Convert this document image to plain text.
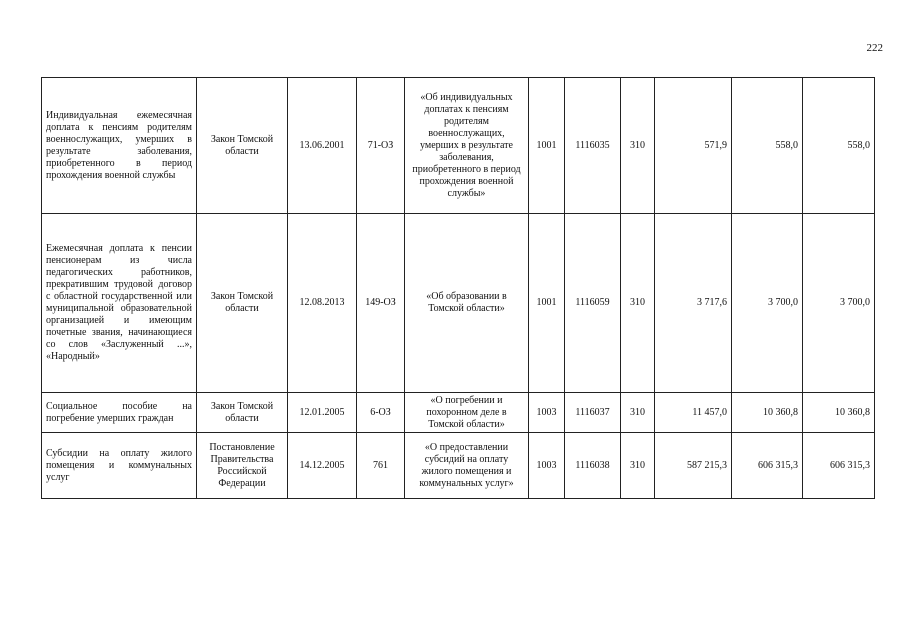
222
Индивидуальная ежемесячная доплата к пенсиям родителям военнослужащих, умерших в результате заболевания, приобретенного в период прохождения военной службы	Закон Томской области	13.06.2001	71-ОЗ	«Об индивидуальных доплатах к пенсиям родителям военнослужащих, умерших в результате заболевания, приобретенного в период прохождения военной службы»	1001	1116035	310	571,9	558,0	558,0
Ежемесячная доплата к пенсии пенсионерам из числа педагогических работников, прекратившим трудовой договор с областной государственной или муниципальной образовательной организацией и имеющим почетные звания, начинающиеся со слов «Заслуженный ...», «Народный»	Закон Томской области	12.08.2013	149-ОЗ	«Об образовании в Томской области»	1001	1116059	310	3 717,6	3 700,0	3 700,0
Социальное пособие на погребение умерших граждан	Закон Томской области	12.01.2005	6-ОЗ	«О погребении и похоронном деле в Томской области»	1003	1116037	310	11 457,0	10 360,8	10 360,8
Субсидии на оплату жилого помещения и коммунальных услуг	Постановление Правительства Российской Федерации	14.12.2005	761	«О предоставлении субсидий на оплату жилого помещения и коммунальных услуг»	1003	1116038	310	587 215,3	606 315,3	606 315,3
